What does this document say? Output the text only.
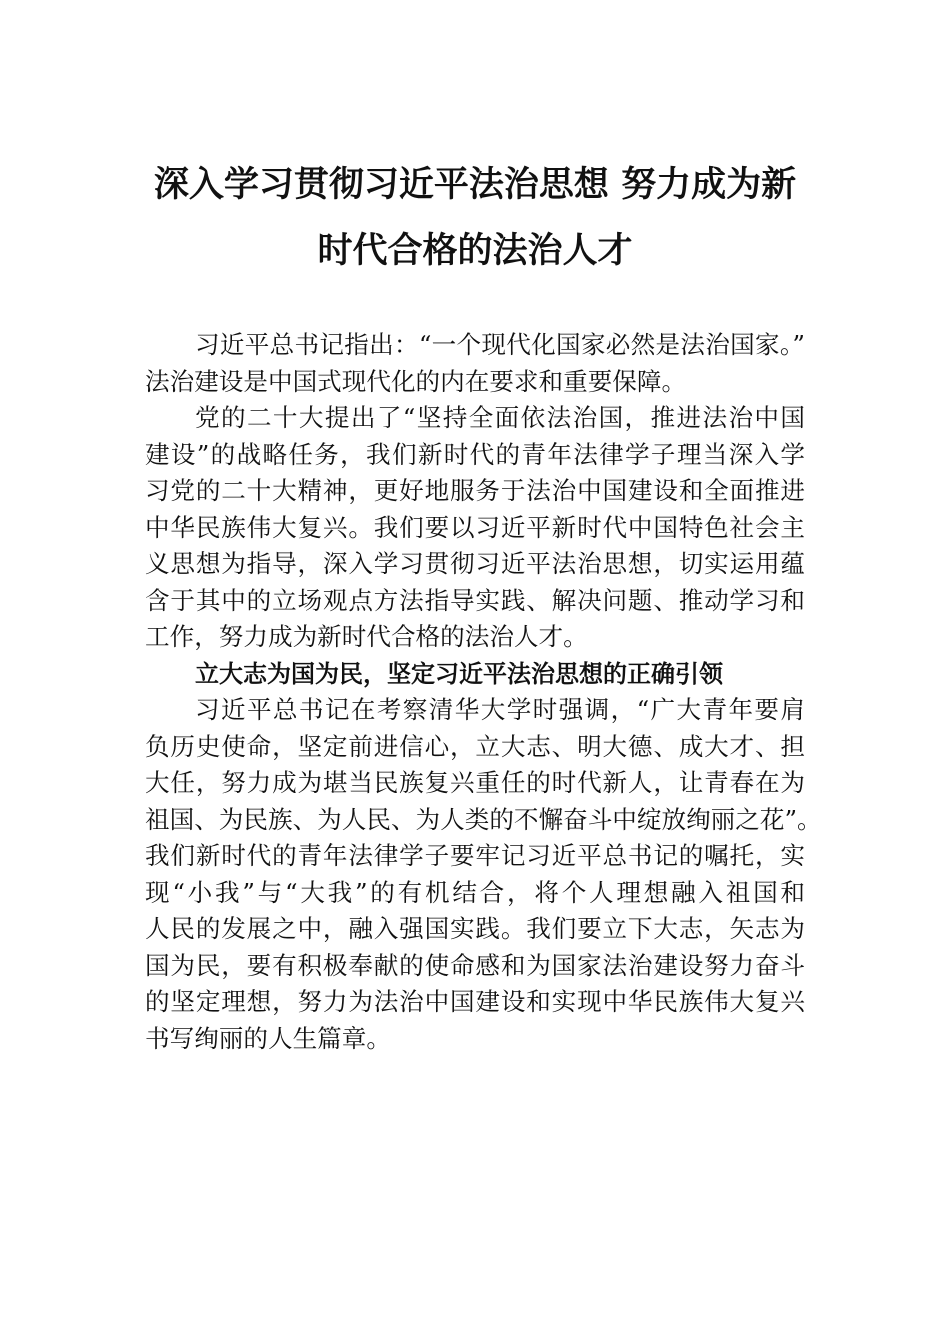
深入学习贯彻习近平法治思想 努力成为新
时代合格的法治人才
习近平总书记指出：“一个现代化国家必然是法治国家。”
法治建设是中国式现代化的内在要求和重要保障。
党的二十大提出了“坚持全面依法治国，推进法治中国
建设”的战略任务，我们新时代的青年法律学子理当深入学
习党的二十大精神，更好地服务于法治中国建设和全面推进
中华民族伟大复兴。我们要以习近平新时代中国特色社会主
义思想为指导，深入学习贯彻习近平法治思想，切实运用蕴
含于其中的立场观点方法指导实践、解决问题、推动学习和
工作，努力成为新时代合格的法治人才。
立大志为国为民，坚定习近平法治思想的正确引领
习近平总书记在考察清华大学时强调，“广大青年要肩
负历史使命，坚定前进信心，立大志、明大德、成大才、担
大任，努力成为堪当民族复兴重任的时代新人，让青春在为
祖国、为民族、为人民、为人类的不懈奋斗中绽放绚丽之花”。
我们新时代的青年法律学子要牢记习近平总书记的嘱托，实
现“小我”与“大我”的有机结合，将个人理想融入祖国和
人民的发展之中，融入强国实践。我们要立下大志，矢志为
国为民，要有积极奉献的使命感和为国家法治建设努力奋斗
的坚定理想，努力为法治中国建设和实现中华民族伟大复兴
书写绚丽的人生篇章。
